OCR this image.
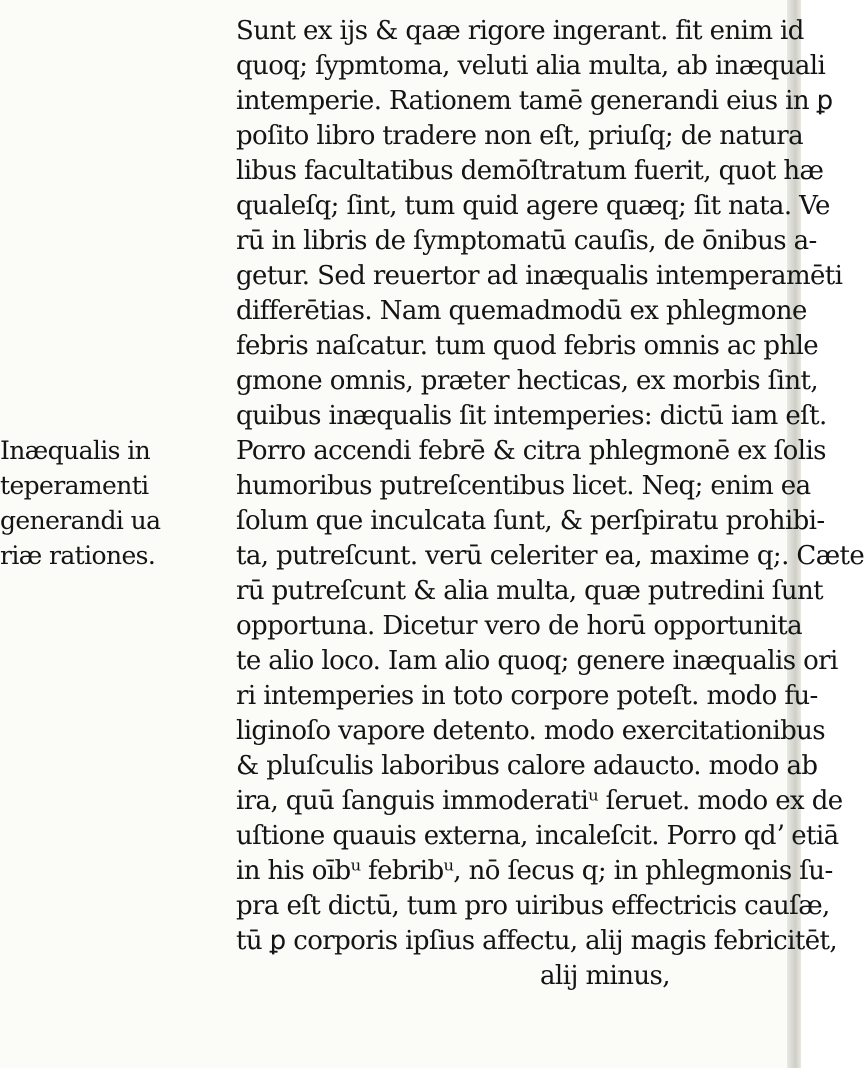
Sunt ex ijs & qaæ rigore ingerant. fit enim id
quoq; ſypmtoma, veluti alia multa, ab inæquali
intemperie. Rationem tamē generandi eius in ꝑ
poſito libro tradere non eſt, priuſq; de natura
libus facultatibus demōſtratum fuerit, quot hæ
qualeſq; ſint, tum quid agere quæq; ſit nata. Ve
rū in libris de ſymptomatū cauſis, de ōnibus a-
getur. Sed reuertor ad inæqualis intemperamēti
differētias. Nam quemadmodū ex phlegmone
febris naſcatur. tum quod febris omnis ac phle
gmone omnis, præter hecticas, ex morbis ſint,
quibus inæqualis ſit intemperies: dictū iam eſt.
Porro accendi febrē & citra phlegmonē ex ſolis
humoribus putreſcentibus licet. Neq; enim ea
ſolum que inculcata ſunt, & perſpiratu prohibi-
ta, putreſcunt. verū celeriter ea, maxime q;. Cæte
rū putreſcunt & alia multa, quæ putredini ſunt
opportuna. Dicetur vero de horū opportunita
te alio loco. Iam alio quoq; genere inæqualis ori
ri intemperies in toto corpore poteſt. modo fu-
liginoſo vapore detento. modo exercitationibus
& pluſculis laboribus calore adaucto. modo ab
ira, quū ſanguis immoderatiᵘ ſeruet. modo ex de
uſtione quauis externa, incaleſcit. Porro qdʼ etiā
in his oībᵘ febribᵘ, nō ſecus q; in phlegmonis ſu-
pra eſt dictū, tum pro uiribus effectricis cauſæ,
tū ꝑ corporis ipſius affectu, alij magis febricitēt,
alij minus,
Inæqualis in
teperamenti
generandi ua
riæ rationes.
